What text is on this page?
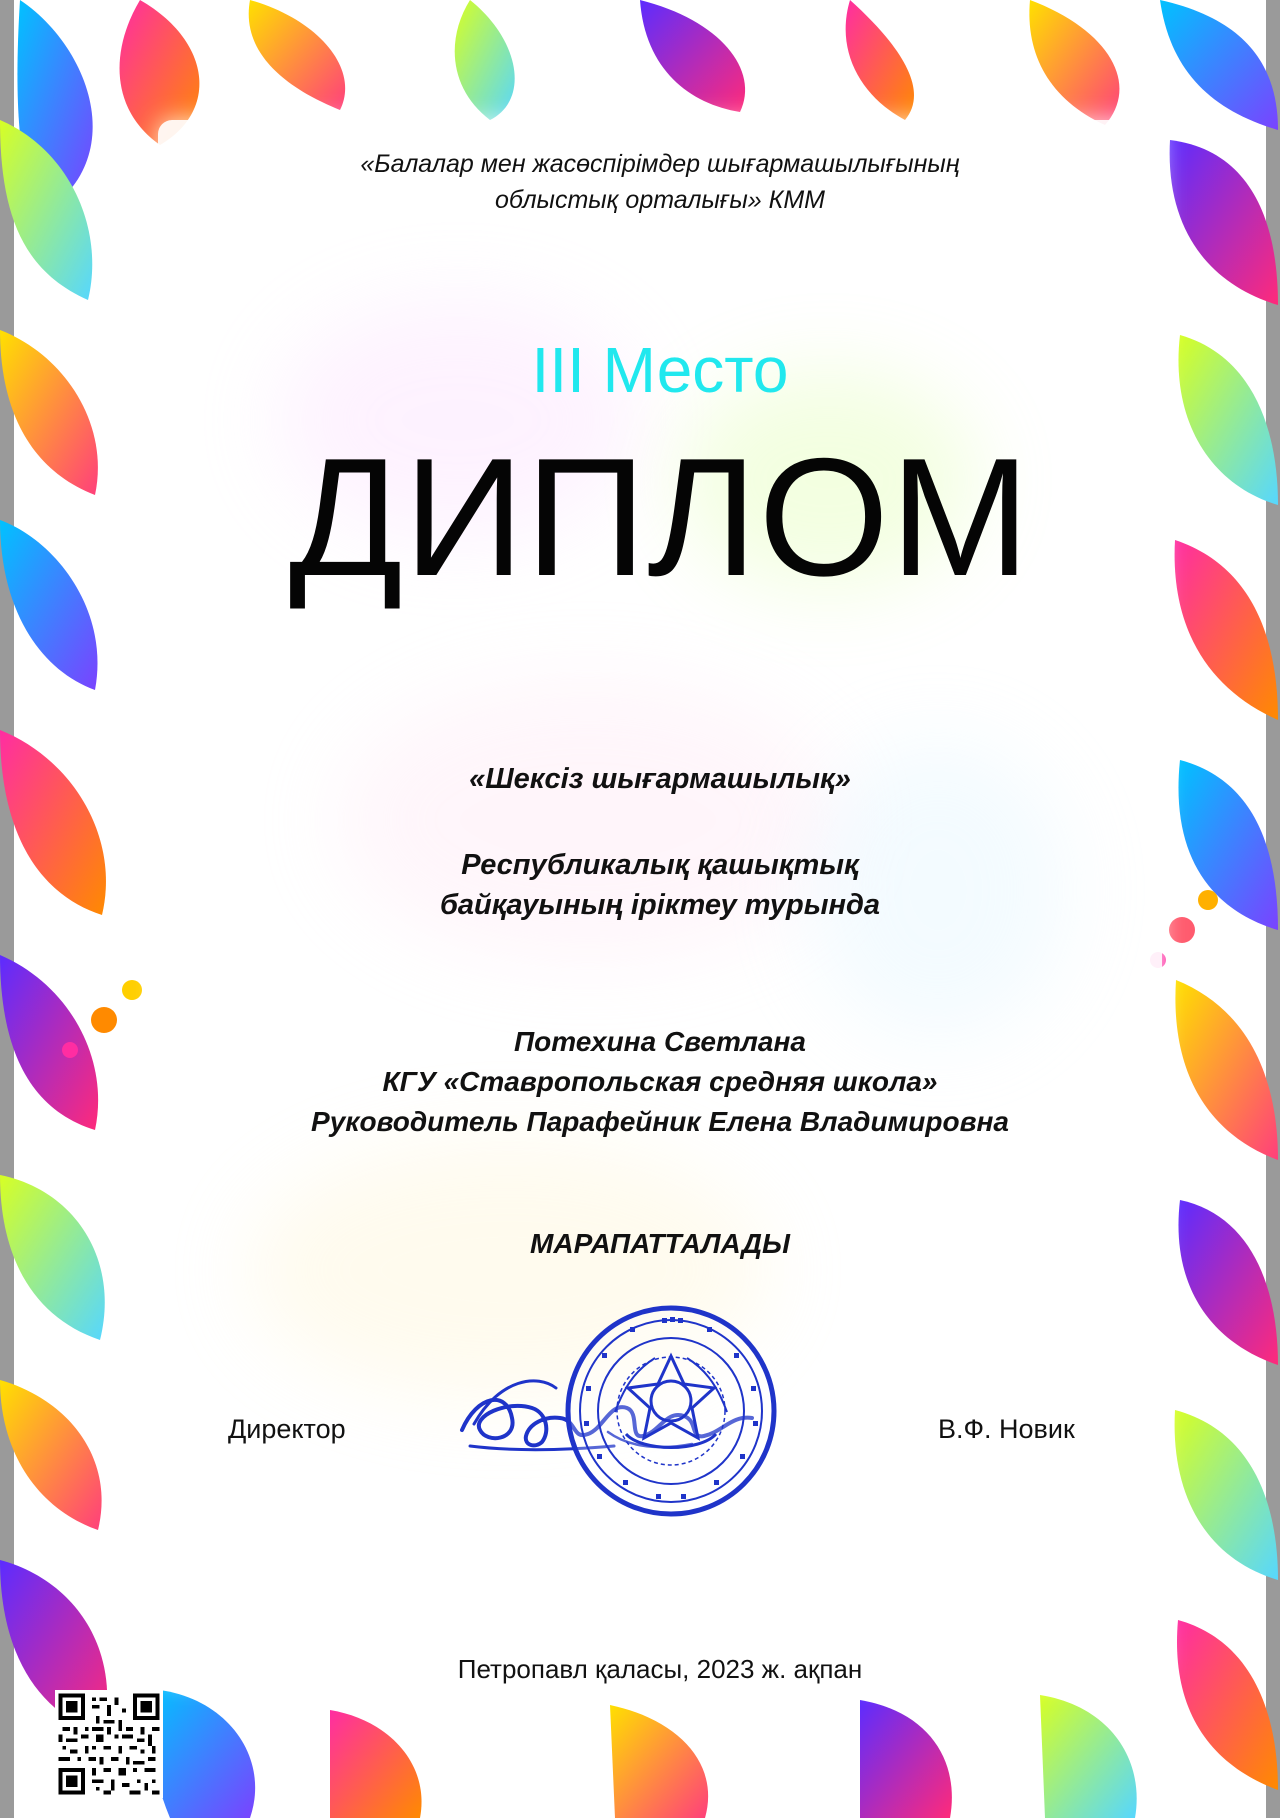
«Балалар мен жасөспірімдер шығармашылығының
облыстық орталығы» КММ
III Место
ДИПЛОМ
«Шексіз шығармашылық»
Республикалық қашықтық
байқауының іріктеу турында
Потехина Светлана
КГУ «Ставропольская средняя школа»
Руководитель Парафейник Елена Владимировна
МАРАПАТТАЛАДЫ
Директор	В.Ф. Новик
Петропавл қаласы, 2023 ж. ақпан
